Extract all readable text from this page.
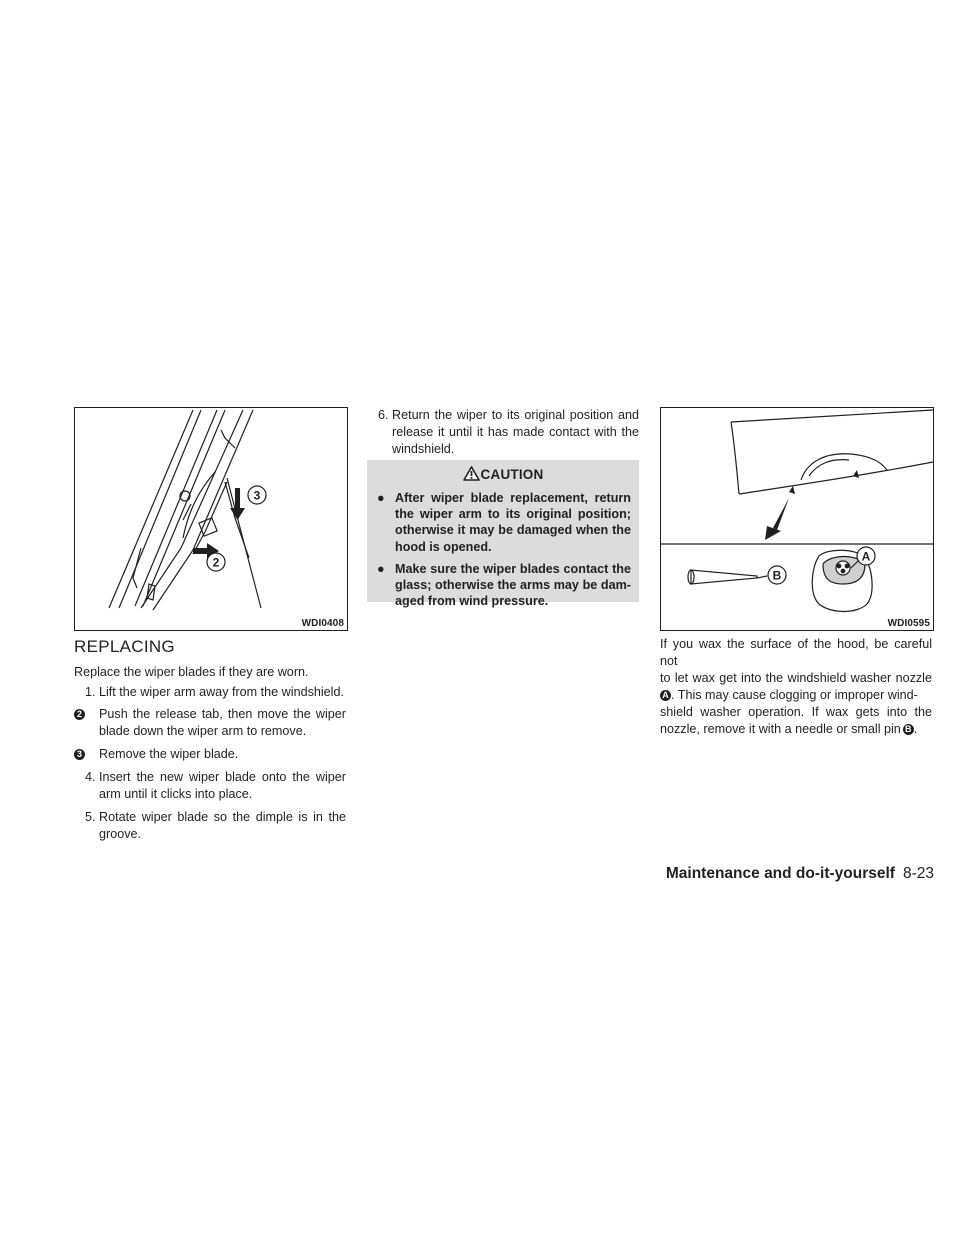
3
2
WDI0408
REPLACING

Replace the wiper blades if they are worn.

1. Lift the wiper arm away from the windshield.

2 Push the release tab, then move the wiper
blade down the wiper arm to remove.
3 Remove the wiper blade.
4. Insert the new wiper blade onto the wiper
arm until it clicks into place.
5. Rotate wiper blade so the dimple is in the
groove.
6. Return the wiper to its original position and
release it until it has made contact with the
windshield.
CAUTION
● After wiper blade replacement, return
the wiper arm to its original position;
otherwise it may be damaged when the
hood is opened.
● Make sure the wiper blades contact the
glass; otherwise the arms may be dam-
aged from wind pressure.
A
B
WDI0595
If you wax the surface of the hood, be careful not
to let wax get into the windshield washer nozzle
A . This may cause clogging or improper wind-
shield washer operation. If wax gets into the
nozzle, remove it with a needle or small pin B .
Maintenance and do-it-yourself 8-23
